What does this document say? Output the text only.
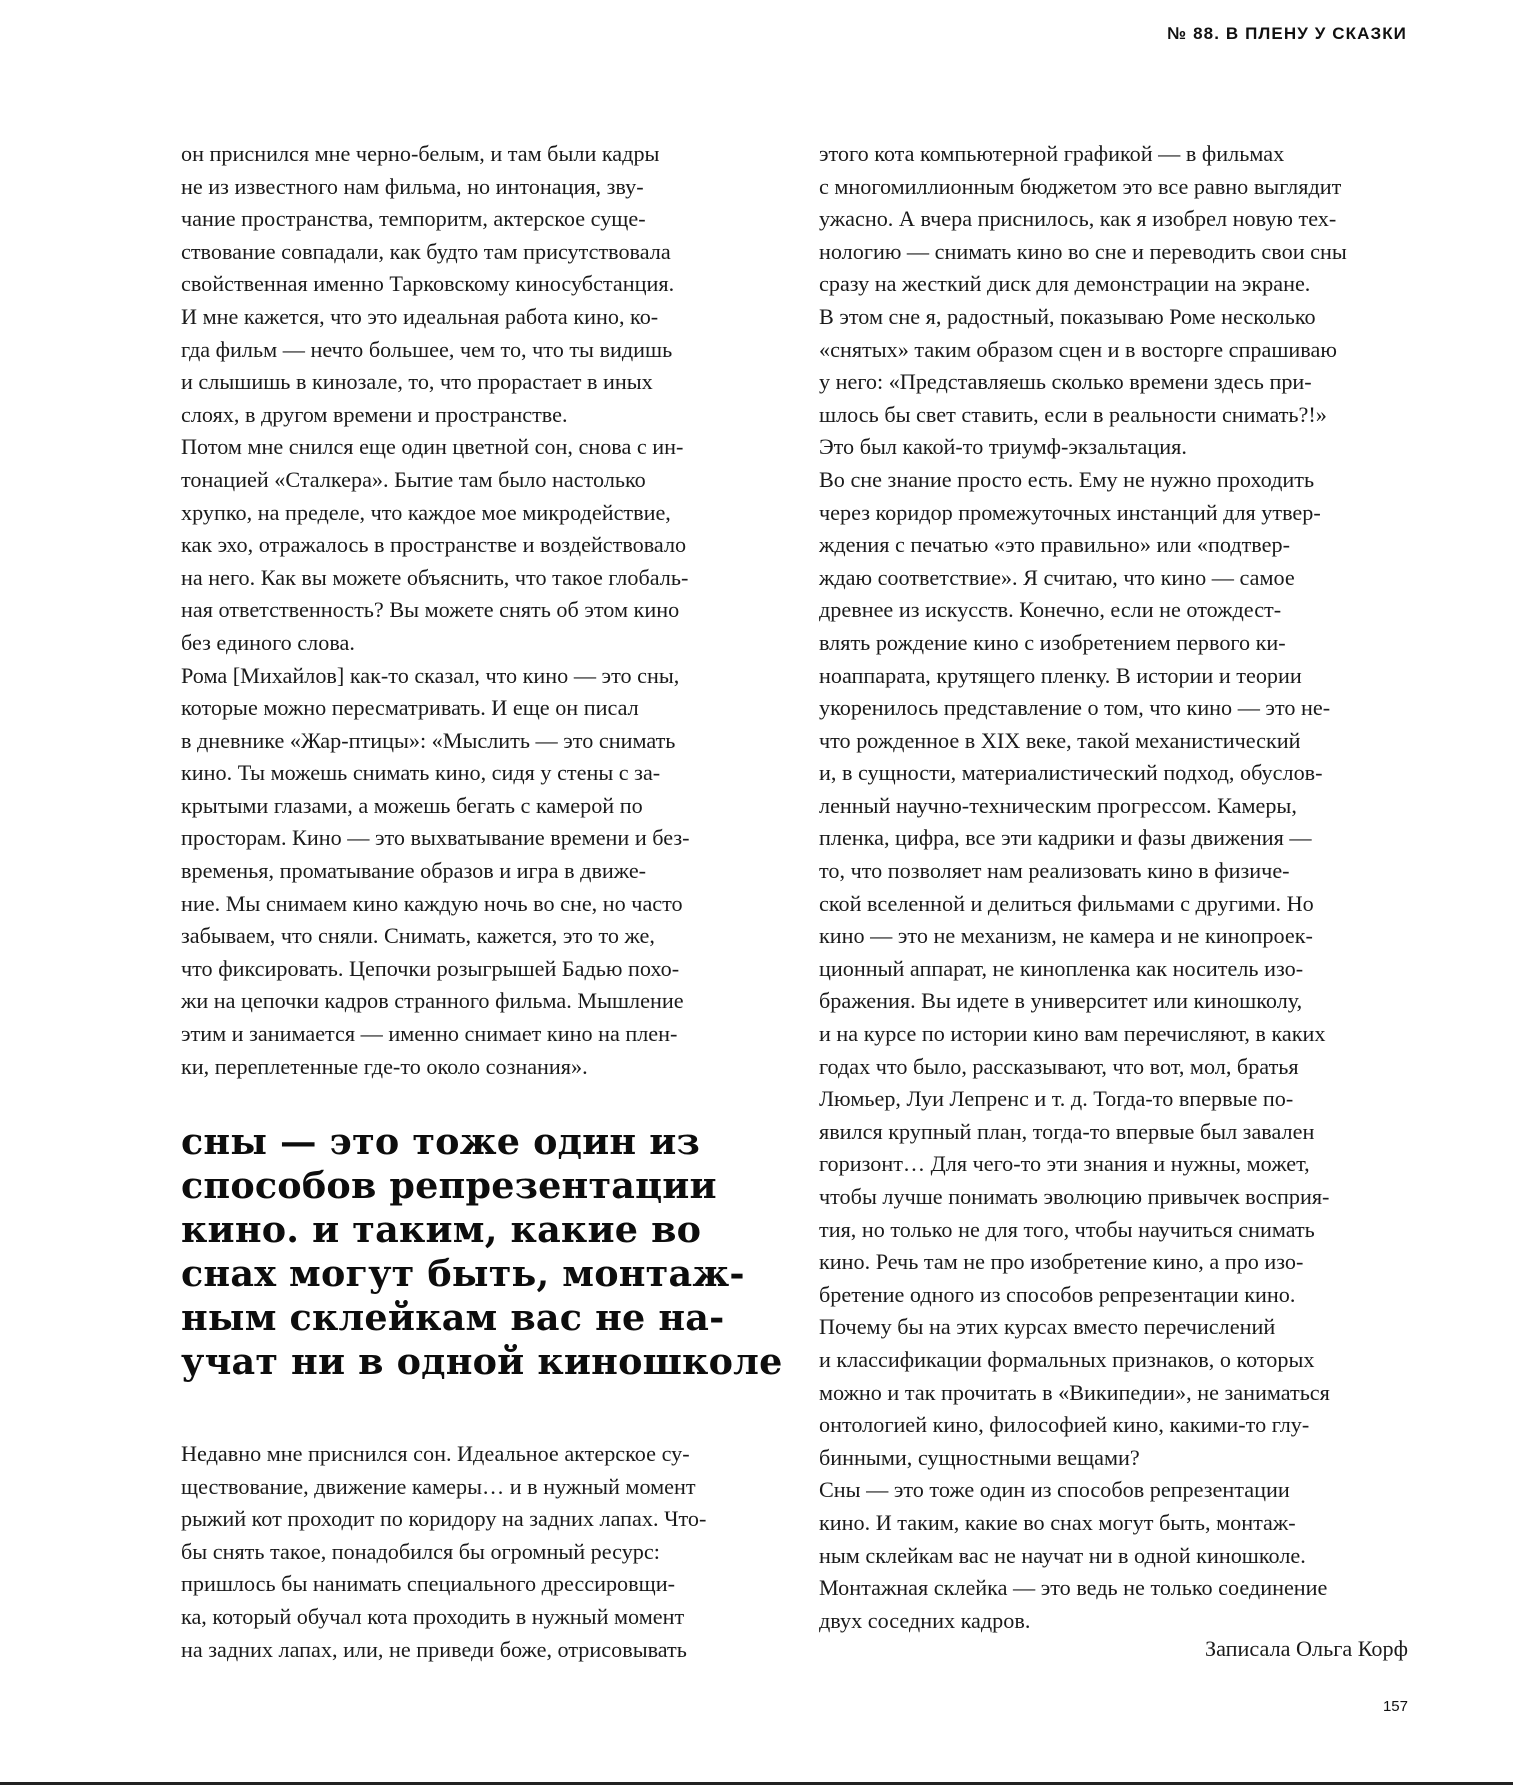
№ 88. В ПЛЕНУ У СКАЗКИ
он приснился мне черно-белым, и там были кадры
не из известного нам фильма, но интонация, зву-
чание пространства, темпоритм, актерское суще-
ствование совпадали, как будто там присутствовала
свойственная именно Тарковскому киносубстанция.
И мне кажется, что это идеальная работа кино, ко-
гда фильм — нечто большее, чем то, что ты видишь
и слышишь в кинозале, то, что прорастает в иных
слоях, в другом времени и пространстве.
Потом мне снился еще один цветной сон, снова с ин-
тонацией «Сталкера». Бытие там было настолько
хрупко, на пределе, что каждое мое микродействие,
как эхо, отражалось в пространстве и воздействовало
на него. Как вы можете объяснить, что такое глобаль-
ная ответственность? Вы можете снять об этом кино
без единого слова.
Рома [Михайлов] как-то сказал, что кино — это сны,
которые можно пересматривать. И еще он писал
в дневнике «Жар-птицы»: «Мыслить — это снимать
кино. Ты можешь снимать кино, сидя у стены с за-
крытыми глазами, а можешь бегать с камерой по
просторам. Кино — это выхватывание времени и без-
временья, проматывание образов и игра в движе-
ние. Мы снимаем кино каждую ночь во сне, но часто
забываем, что сняли. Снимать, кажется, это то же,
что фиксировать. Цепочки розыгрышей Бадью похо-
жи на цепочки кадров странного фильма. Мышление
этим и занимается — именно снимает кино на плен-
ки, переплетенные где-то около сознания».
сны — это тоже один из
способов репрезентации
кино. и таким, какие во
снах могут быть, монтаж-
ным склейкам вас не на-
учат ни в одной киношколе
Недавно мне приснился сон. Идеальное актерское су-
ществование, движение камеры… и в нужный момент
рыжий кот проходит по коридору на задних лапах. Что-
бы снять такое, понадобился бы огромный ресурс:
пришлось бы нанимать специального дрессировщи-
ка, который обучал кота проходить в нужный момент
на задних лапах, или, не приведи боже, отрисовывать
этого кота компьютерной графикой — в фильмах
с многомиллионным бюджетом это все равно выглядит
ужасно. А вчера приснилось, как я изобрел новую тех-
нологию — снимать кино во сне и переводить свои сны
сразу на жесткий диск для демонстрации на экране.
В этом сне я, радостный, показываю Роме несколько
«снятых» таким образом сцен и в восторге спрашиваю
у него: «Представляешь сколько времени здесь при-
шлось бы свет ставить, если в реальности снимать?!»
Это был какой-то триумф-экзальтация.
Во сне знание просто есть. Ему не нужно проходить
через коридор промежуточных инстанций для утвер-
ждения с печатью «это правильно» или «подтвер-
ждаю соответствие». Я считаю, что кино — самое
древнее из искусств. Конечно, если не отождест-
влять рождение кино с изобретением первого ки-
ноаппарата, крутящего пленку. В истории и теории
укоренилось представление о том, что кино — это не-
что рожденное в XIX веке, такой механистический
и, в сущности, материалистический подход, обуслов-
ленный научно-техническим прогрессом. Камеры,
пленка, цифра, все эти кадрики и фазы движения —
то, что позволяет нам реализовать кино в физиче-
ской вселенной и делиться фильмами с другими. Но
кино — это не механизм, не камера и не кинопроек-
ционный аппарат, не кинопленка как носитель изо-
бражения. Вы идете в университет или киношколу,
и на курсе по истории кино вам перечисляют, в каких
годах что было, рассказывают, что вот, мол, братья
Люмьер, Луи Лепренс и т. д. Тогда-то впервые по-
явился крупный план, тогда-то впервые был завален
горизонт… Для чего-то эти знания и нужны, может,
чтобы лучше понимать эволюцию привычек восприя-
тия, но только не для того, чтобы научиться снимать
кино. Речь там не про изобретение кино, а про изо-
бретение одного из способов репрезентации кино.
Почему бы на этих курсах вместо перечислений
и классификации формальных признаков, о которых
можно и так прочитать в «Википедии», не заниматься
онтологией кино, философией кино, какими-то глу-
бинными, сущностными вещами?
Сны — это тоже один из способов репрезентации
кино. И таким, какие во снах могут быть, монтаж-
ным склейкам вас не научат ни в одной киношколе.
Монтажная склейка — это ведь не только соединение
двух соседних кадров.
Записала Ольга Корф
157
